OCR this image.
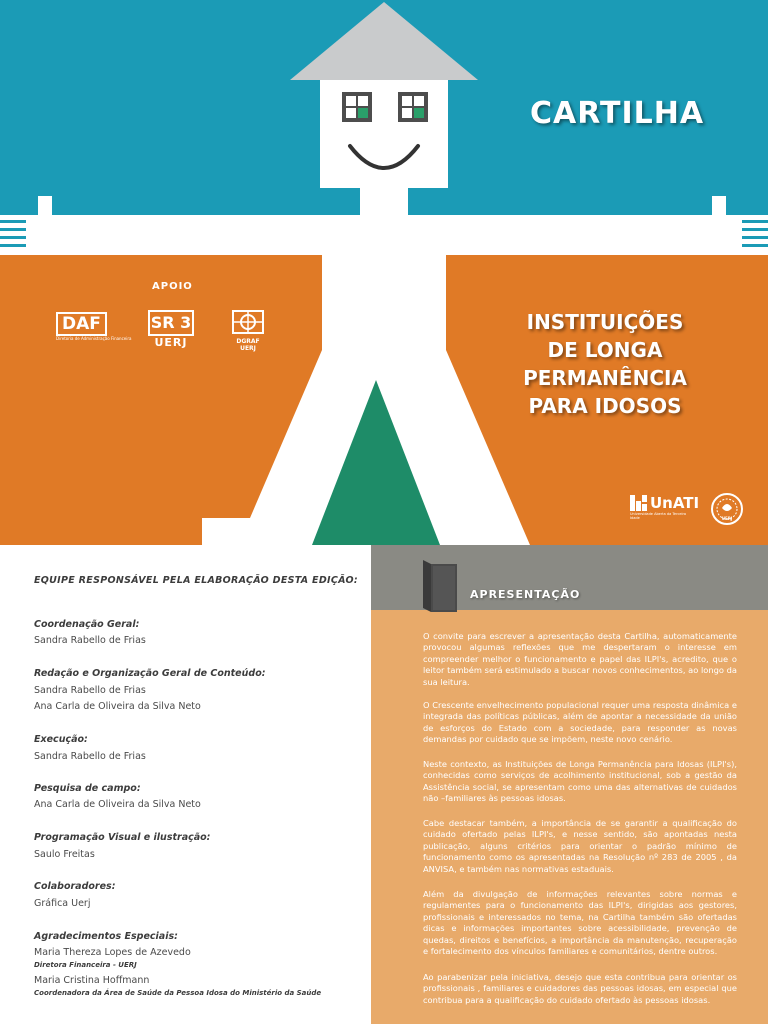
CARTILHA
INSTITUIÇÕES
DE LONGA
PERMANÊNCIA
PARA IDOSOS
APOIO
DAF
Diretoria de Administração Financeira
SR 3
UERJ	DGRAF
UERJ
UnATI
Universidade Aberta da Terceira Idade	UERJ
EQUIPE RESPONSÁVEL PELA ELABORAÇÃO DESTA EDIÇÃO:
Coordenação Geral:
Sandra Rabello de Frias
Redação e Organização Geral de Conteúdo:
Sandra Rabello de Frias
Ana Carla de Oliveira da Silva Neto
Execução:
Sandra Rabello de Frias
Pesquisa de campo:
Ana Carla de Oliveira da Silva Neto
Programação Visual e ilustração:
Saulo Freitas
Colaboradores:
Gráfica Uerj
Agradecimentos Especiais:
Maria Thereza Lopes de Azevedo
Diretora Financeira - UERJ
Maria Cristina Hoffmann
Coordenadora da Área de Saúde da Pessoa Idosa do Ministério da Saúde
APRESENTAÇÃO
O convite para escrever a apresentação desta Cartilha, automaticamente provocou algumas reflexões que me despertaram o interesse em compreender melhor o funcionamento e papel das ILPI's, acredito, que o leitor também será estimulado a buscar novos conhecimentos, ao longo da sua leitura.
O Crescente envelhecimento populacional requer uma resposta dinâmica e integrada das políticas públicas, além de apontar a necessidade da união de esforços do Estado com a sociedade, para responder as novas demandas por cuidado que se impõem, neste novo cenário.
Neste contexto, as Instituições de Longa Permanência para Idosas (ILPI's), conhecidas como serviços de acolhimento institucional, sob a gestão da Assistência social, se apresentam como uma das alternativas de cuidados não –familiares às pessoas idosas.
Cabe destacar também, a importância de se garantir a qualificação do cuidado ofertado pelas ILPI's, e nesse sentido, são apontadas nesta publicação, alguns critérios para orientar o padrão mínimo de funcionamento como os apresentadas na Resolução nº 283 de 2005 , da ANVISA, e também nas normativas estaduais.
Além da divulgação de informações relevantes sobre normas e regulamentes para o funcionamento das ILPI's, dirigidas aos gestores, profissionais e interessados no tema, na Cartilha também são ofertadas dicas e informações importantes sobre acessibilidade, prevenção de quedas, direitos e benefícios, a importância da manutenção, recuperação e fortalecimento dos vínculos familiares e comunitários, dentre outros.
Ao parabenizar pela iniciativa, desejo que esta contribua para orientar os profissionais , familiares e cuidadores das pessoas idosas, em especial que contribua para a qualificação do cuidado ofertado às pessoas idosas.
